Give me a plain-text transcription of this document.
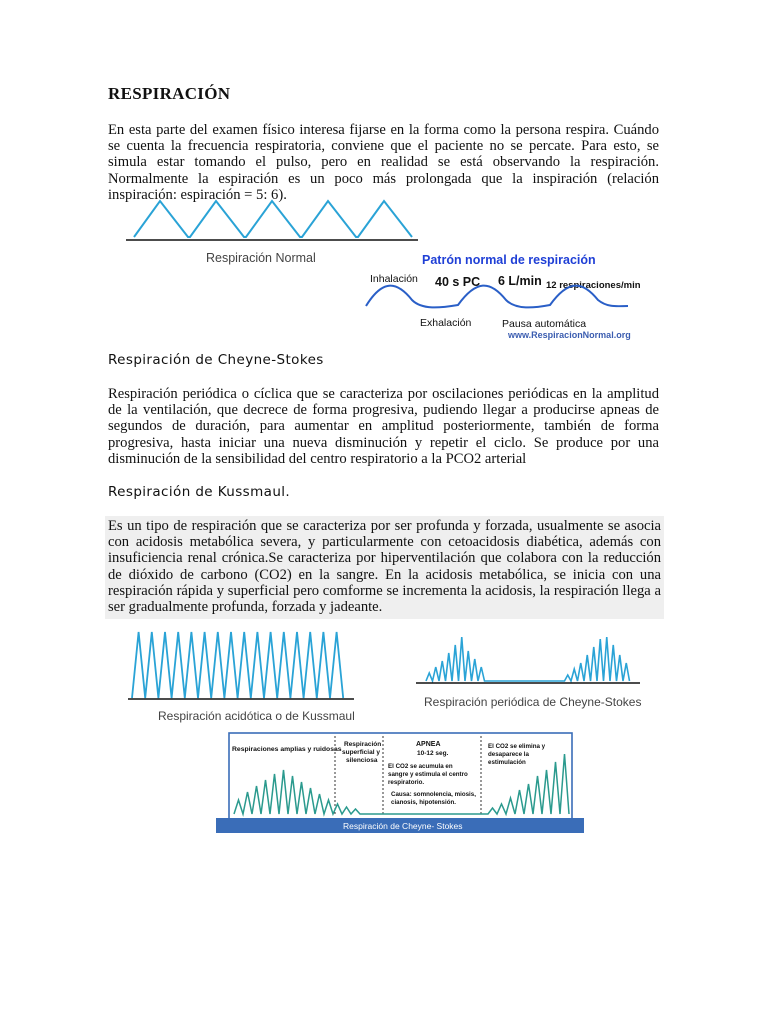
RESPIRACIÓN

En esta parte del examen físico interesa fijarse en la forma como la persona respira. Cuándo se cuenta la frecuencia respiratoria, conviene que el paciente no se percate. Para esto, se simula estar tomando el pulso, pero en realidad se está observando la respiración. Normalmente la espiración es un poco más prolongada que la inspiración (relación inspiración: espiración = 5: 6).

Respiración Normal	Patrón normal de respiración
Inhalación 40 s PC 6 L/min 12 respiraciones/min
Exhalación	Pausa automática
www.RespiracionNormal.org
Respiración de Cheyne-Stokes

Respiración periódica o cíclica que se caracteriza por oscilaciones periódicas en la amplitud de la ventilación, que decrece de forma progresiva, pudiendo llegar a producirse apneas de segundos de duración, para aumentar en amplitud posteriormente, también de forma progresiva, hasta iniciar una nueva disminución y repetir el ciclo. Se produce por una disminución de la sensibilidad del centro respiratorio a la PCO2 arterial

Respiración de Kussmaul.

Es un tipo de respiración que se caracteriza por ser profunda y forzada, usualmente se asocia con acidosis metabólica severa, y particularmente con cetoacidosis diabética, además con insuficiencia renal crónica.Se caracteriza por hiperventilación que colabora con la reducción de dióxido de carbono (CO2) en la sangre. En la acidosis metabólica, se inicia con una respiración rápida y superficial pero comforme se incrementa la acidosis, la respiración llega a ser gradualmente profunda, forzada y jadeante.

Respiración acidótica o de Kussmaul
Respiración periódica de Cheyne-Stokes
Respiraciones amplias y ruidosas
Respiración
superficial y
silenciosa
APNEA
10-12 seg.
El CO2 se acumula en
sangre y estimula el centro
respiratorio.
Causa: somnolencia, miosis,
cianosis, hipotensión.
El CO2 se elimina y
desaparece la
estimulación
Respiración de Cheyne- Stokes
